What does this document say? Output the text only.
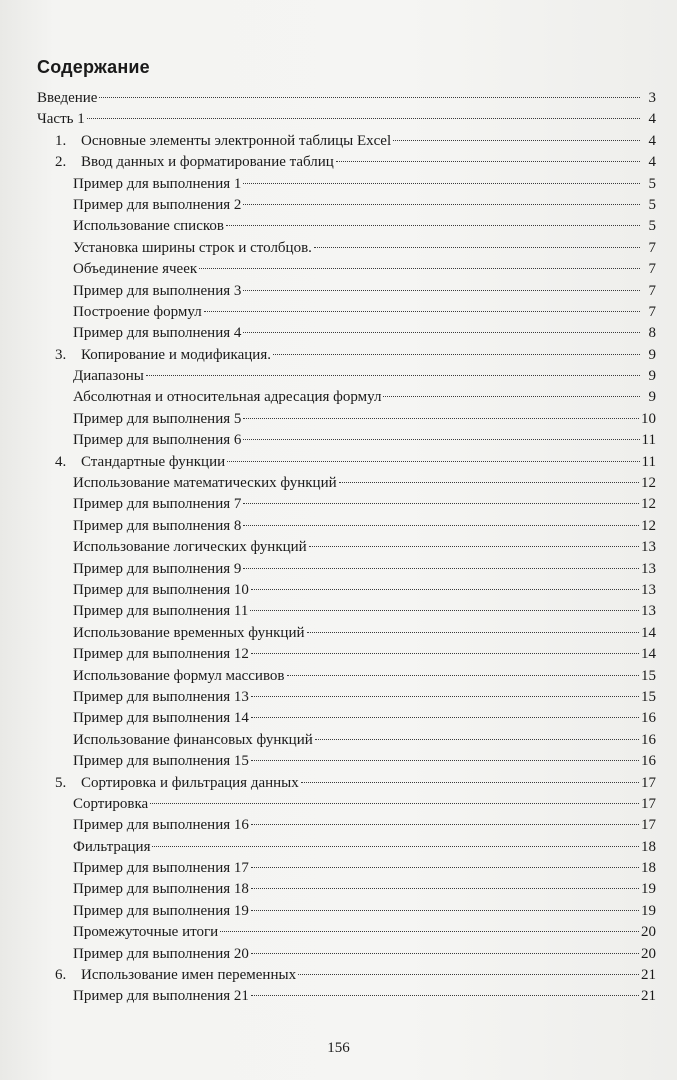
Содержание
Введение	3
Часть 1	4
1. Основные элементы электронной таблицы Excel	4
2. Ввод данных и форматирование таблиц	4
Пример для выполнения 1	5
Пример для выполнения 2	5
Использование списков	5
Установка ширины строк и столбцов.	7
Объединение ячеек	7
Пример для выполнения 3	7
Построение формул	7
Пример для выполнения 4	8
3. Копирование и модификация.	9
Диапазоны	9
Абсолютная и относительная адресация формул	9
Пример для выполнения 5	10
Пример для выполнения 6	11
4. Стандартные функции	11
Использование математических функций	12
Пример для выполнения 7	12
Пример для выполнения 8	12
Использование логических функций	13
Пример для выполнения 9	13
Пример для выполнения 10	13
Пример для выполнения 11	13
Использование временных функций	14
Пример для выполнения 12	14
Использование формул массивов	15
Пример для выполнения 13	15
Пример для выполнения 14	16
Использование финансовых функций	16
Пример для выполнения 15	16
5. Сортировка и фильтрация данных	17
Сортировка	17
Пример для выполнения 16	17
Фильтрация	18
Пример для выполнения 17	18
Пример для выполнения 18	19
Пример для выполнения 19	19
Промежуточные итоги	20
Пример для выполнения 20	20
6. Использование имен переменных	21
Пример для выполнения 21	21
156
